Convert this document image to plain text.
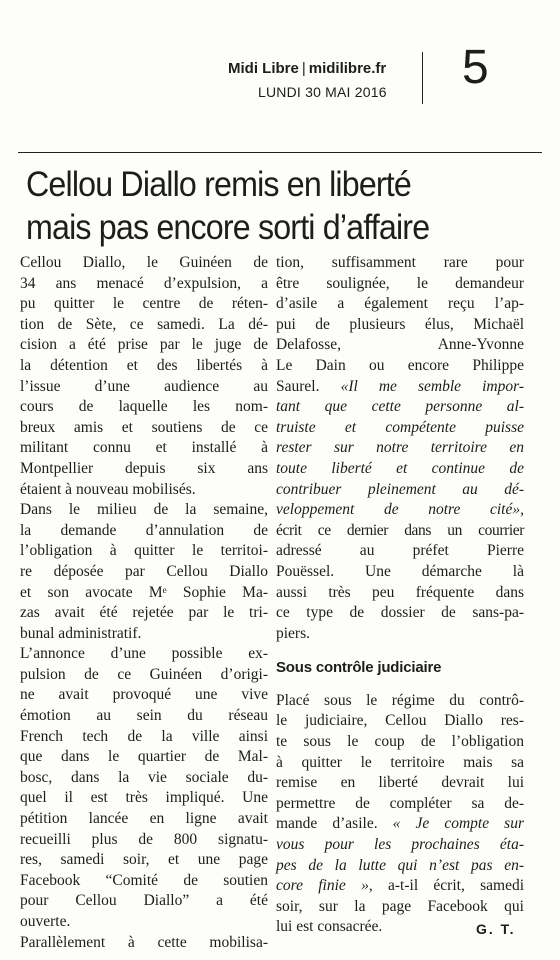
Midi Libre | midilibre.fr
LUNDI 30 MAI 2016 5
Cellou Diallo remis en liberté
mais pas encore sorti d’affaire
Cellou Diallo, le Guinéen de
34 ans menacé d’expulsion, a
pu quitter le centre de réten-
tion de Sète, ce samedi. La dé-
cision a été prise par le juge de
la détention et des libertés à
l’issue d’une audience au
cours de laquelle les nom-
breux amis et soutiens de ce
militant connu et installé à
Montpellier depuis six ans
étaient à nouveau mobilisés.
Dans le milieu de la semaine,
la demande d’annulation de
l’obligation à quitter le territoi-
re déposée par Cellou Diallo
et son avocate Mᵉ Sophie Ma-
zas avait été rejetée par le tri-
bunal administratif.
L’annonce d’une possible ex-
pulsion de ce Guinéen d’origi-
ne avait provoqué une vive
émotion au sein du réseau
French tech de la ville ainsi
que dans le quartier de Mal-
bosc, dans la vie sociale du-
quel il est très impliqué. Une
pétition lancée en ligne avait
recueilli plus de 800 signatu-
res, samedi soir, et une page
Facebook “Comité de soutien
pour Cellou Diallo” a été
ouverte.
Parallèlement à cette mobilisa-
tion, suffisamment rare pour
être soulignée, le demandeur
d’asile a également reçu l’ap-
pui de plusieurs élus, Michaël
Delafosse, Anne-Yvonne
Le Dain ou encore Philippe
Saurel. «Il me semble impor-
tant que cette personne al-
truiste et compétente puisse
rester sur notre territoire en
toute liberté et continue de
contribuer pleinement au dé-
veloppement de notre cité»,
écrit ce dernier dans un courrier
adressé au préfet Pierre
Pouëssel. Une démarche là
aussi très peu fréquente dans
ce type de dossier de sans-pa-
piers.
Sous contrôle judiciaire
Placé sous le régime du contrô-
le judiciaire, Cellou Diallo res-
te sous le coup de l’obligation
à quitter le territoire mais sa
remise en liberté devrait lui
permettre de compléter sa de-
mande d’asile. « Je compte sur
vous pour les prochaines éta-
pes de la lutte qui n’est pas en-
core finie », a-t-il écrit, samedi
soir, sur la page Facebook qui
lui est consacrée.	G. T.
